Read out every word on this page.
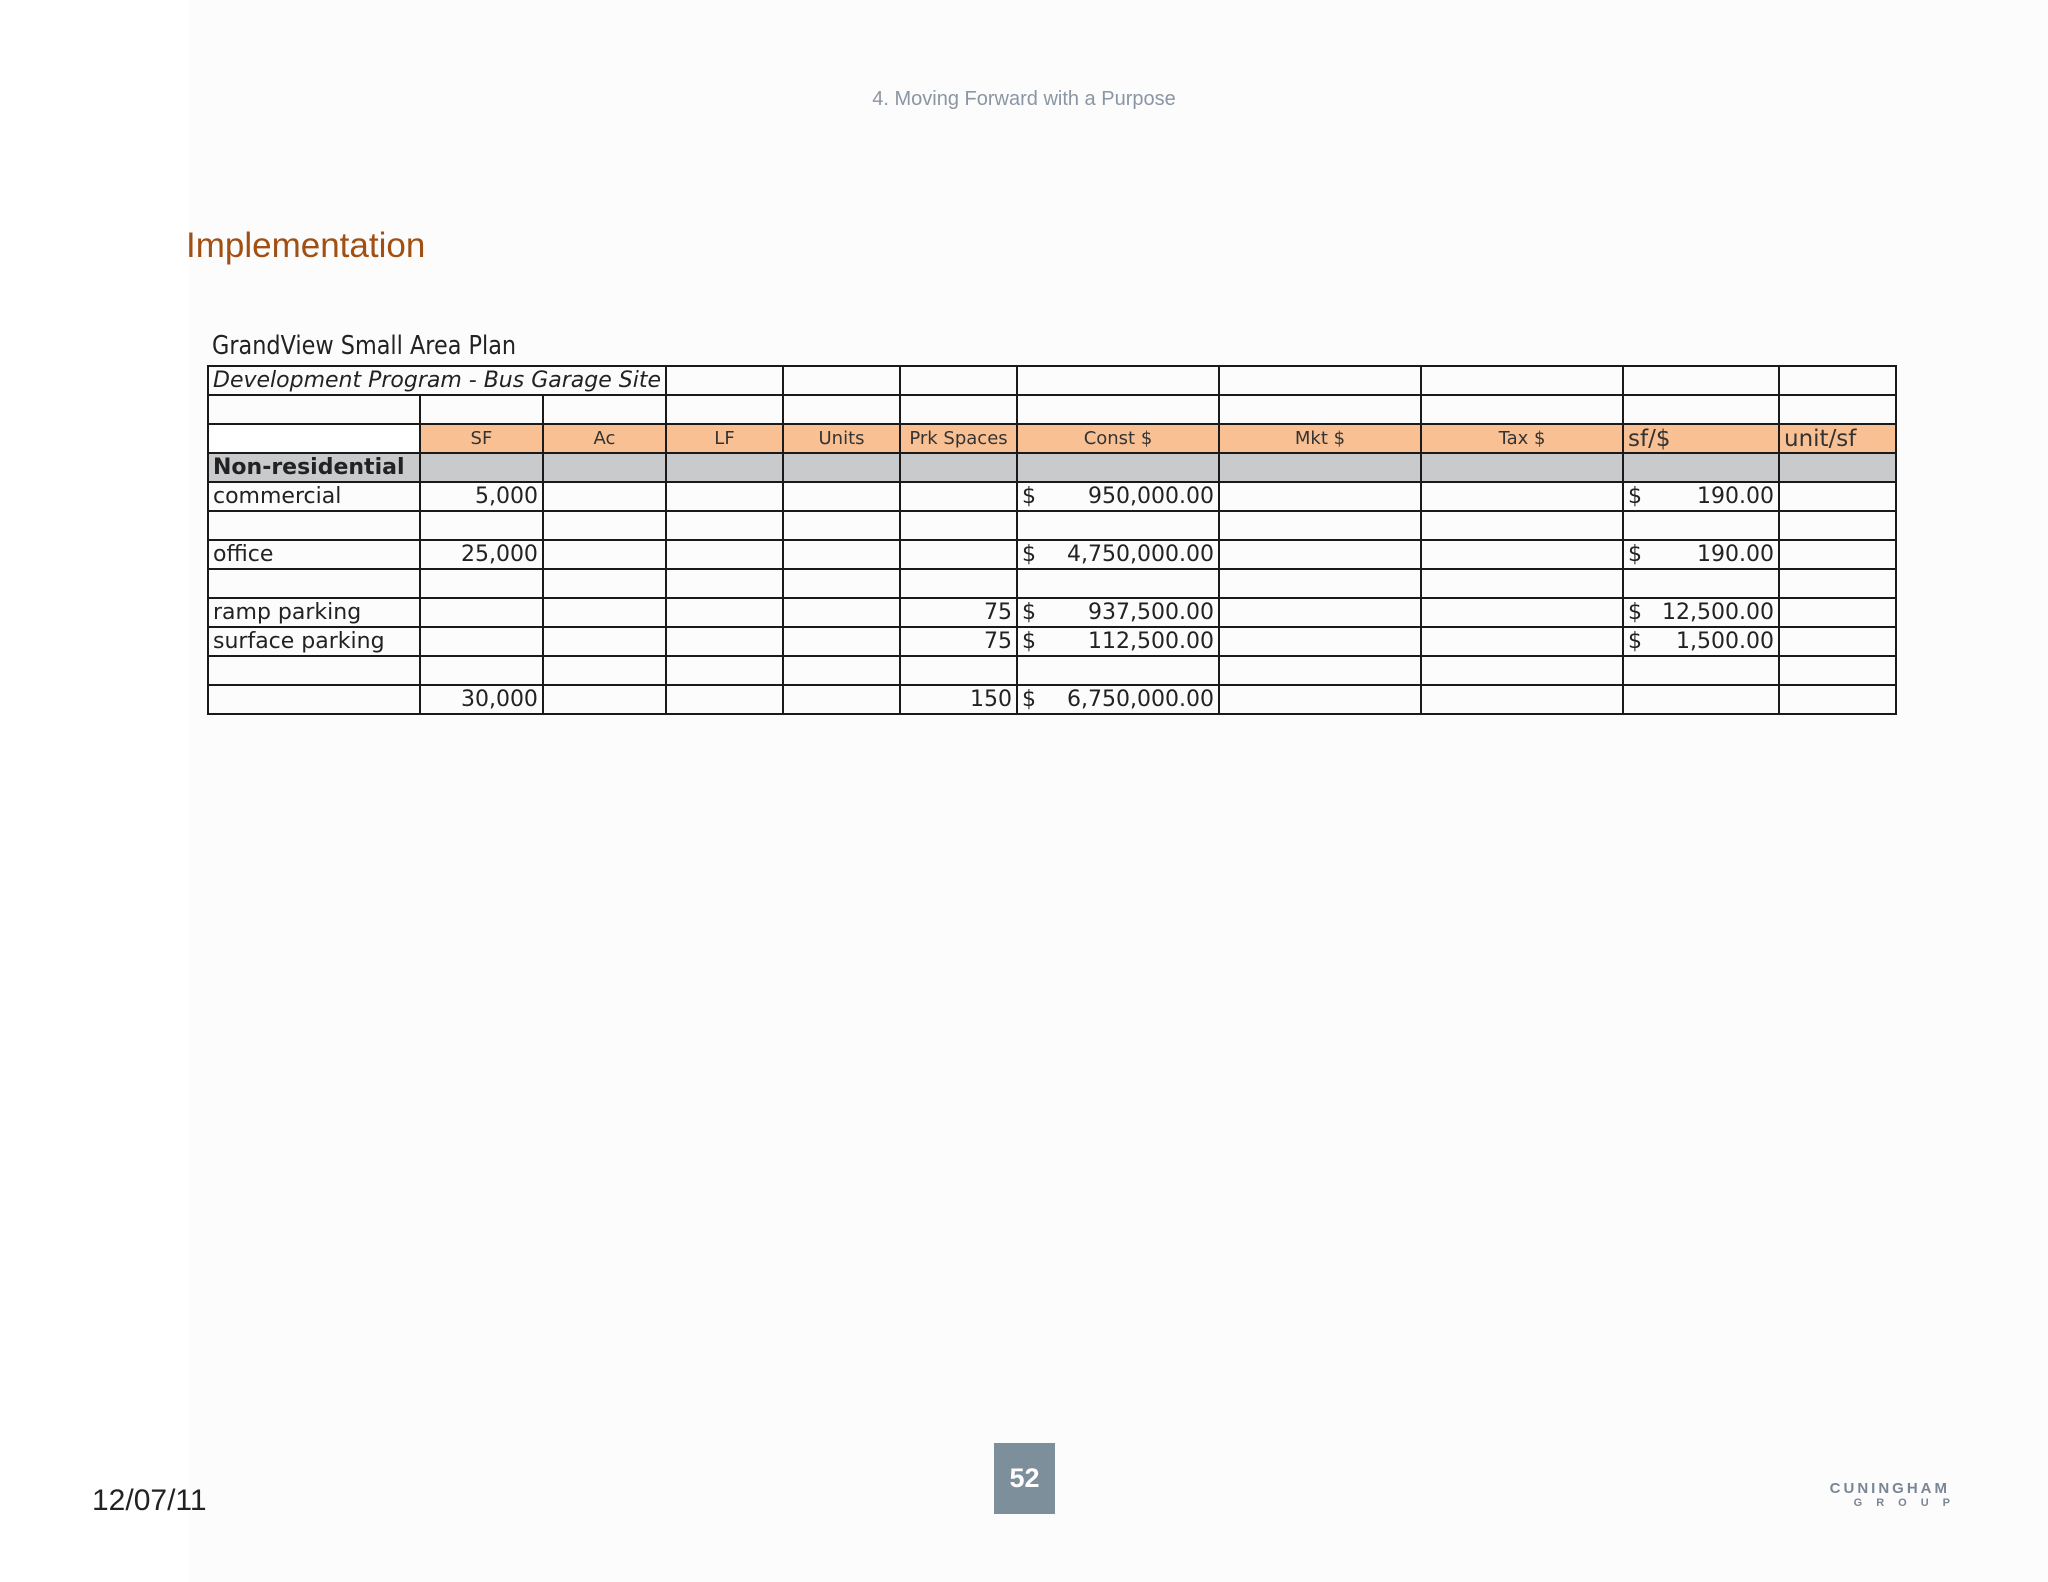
4. Moving Forward with a Purpose
Implementation
GrandView Small Area Plan
Development Program - Bus Garage Site										

	SF	Ac	LF	Units	Prk Spaces	Const $	Mkt $	Tax $	sf/$	unit/sf
Non-residential										
commercial	5,000					$ 950,000.00			$ 190.00	

office	25,000					$ 4,750,000.00			$ 190.00	

ramp parking					75	$ 937,500.00			$ 12,500.00	

surface parking					75	$ 112,500.00			$ 1,500.00	

	30,000				150	$ 6,750,000.00				

12/07/11
52	CUNINGHAM
GROUP
